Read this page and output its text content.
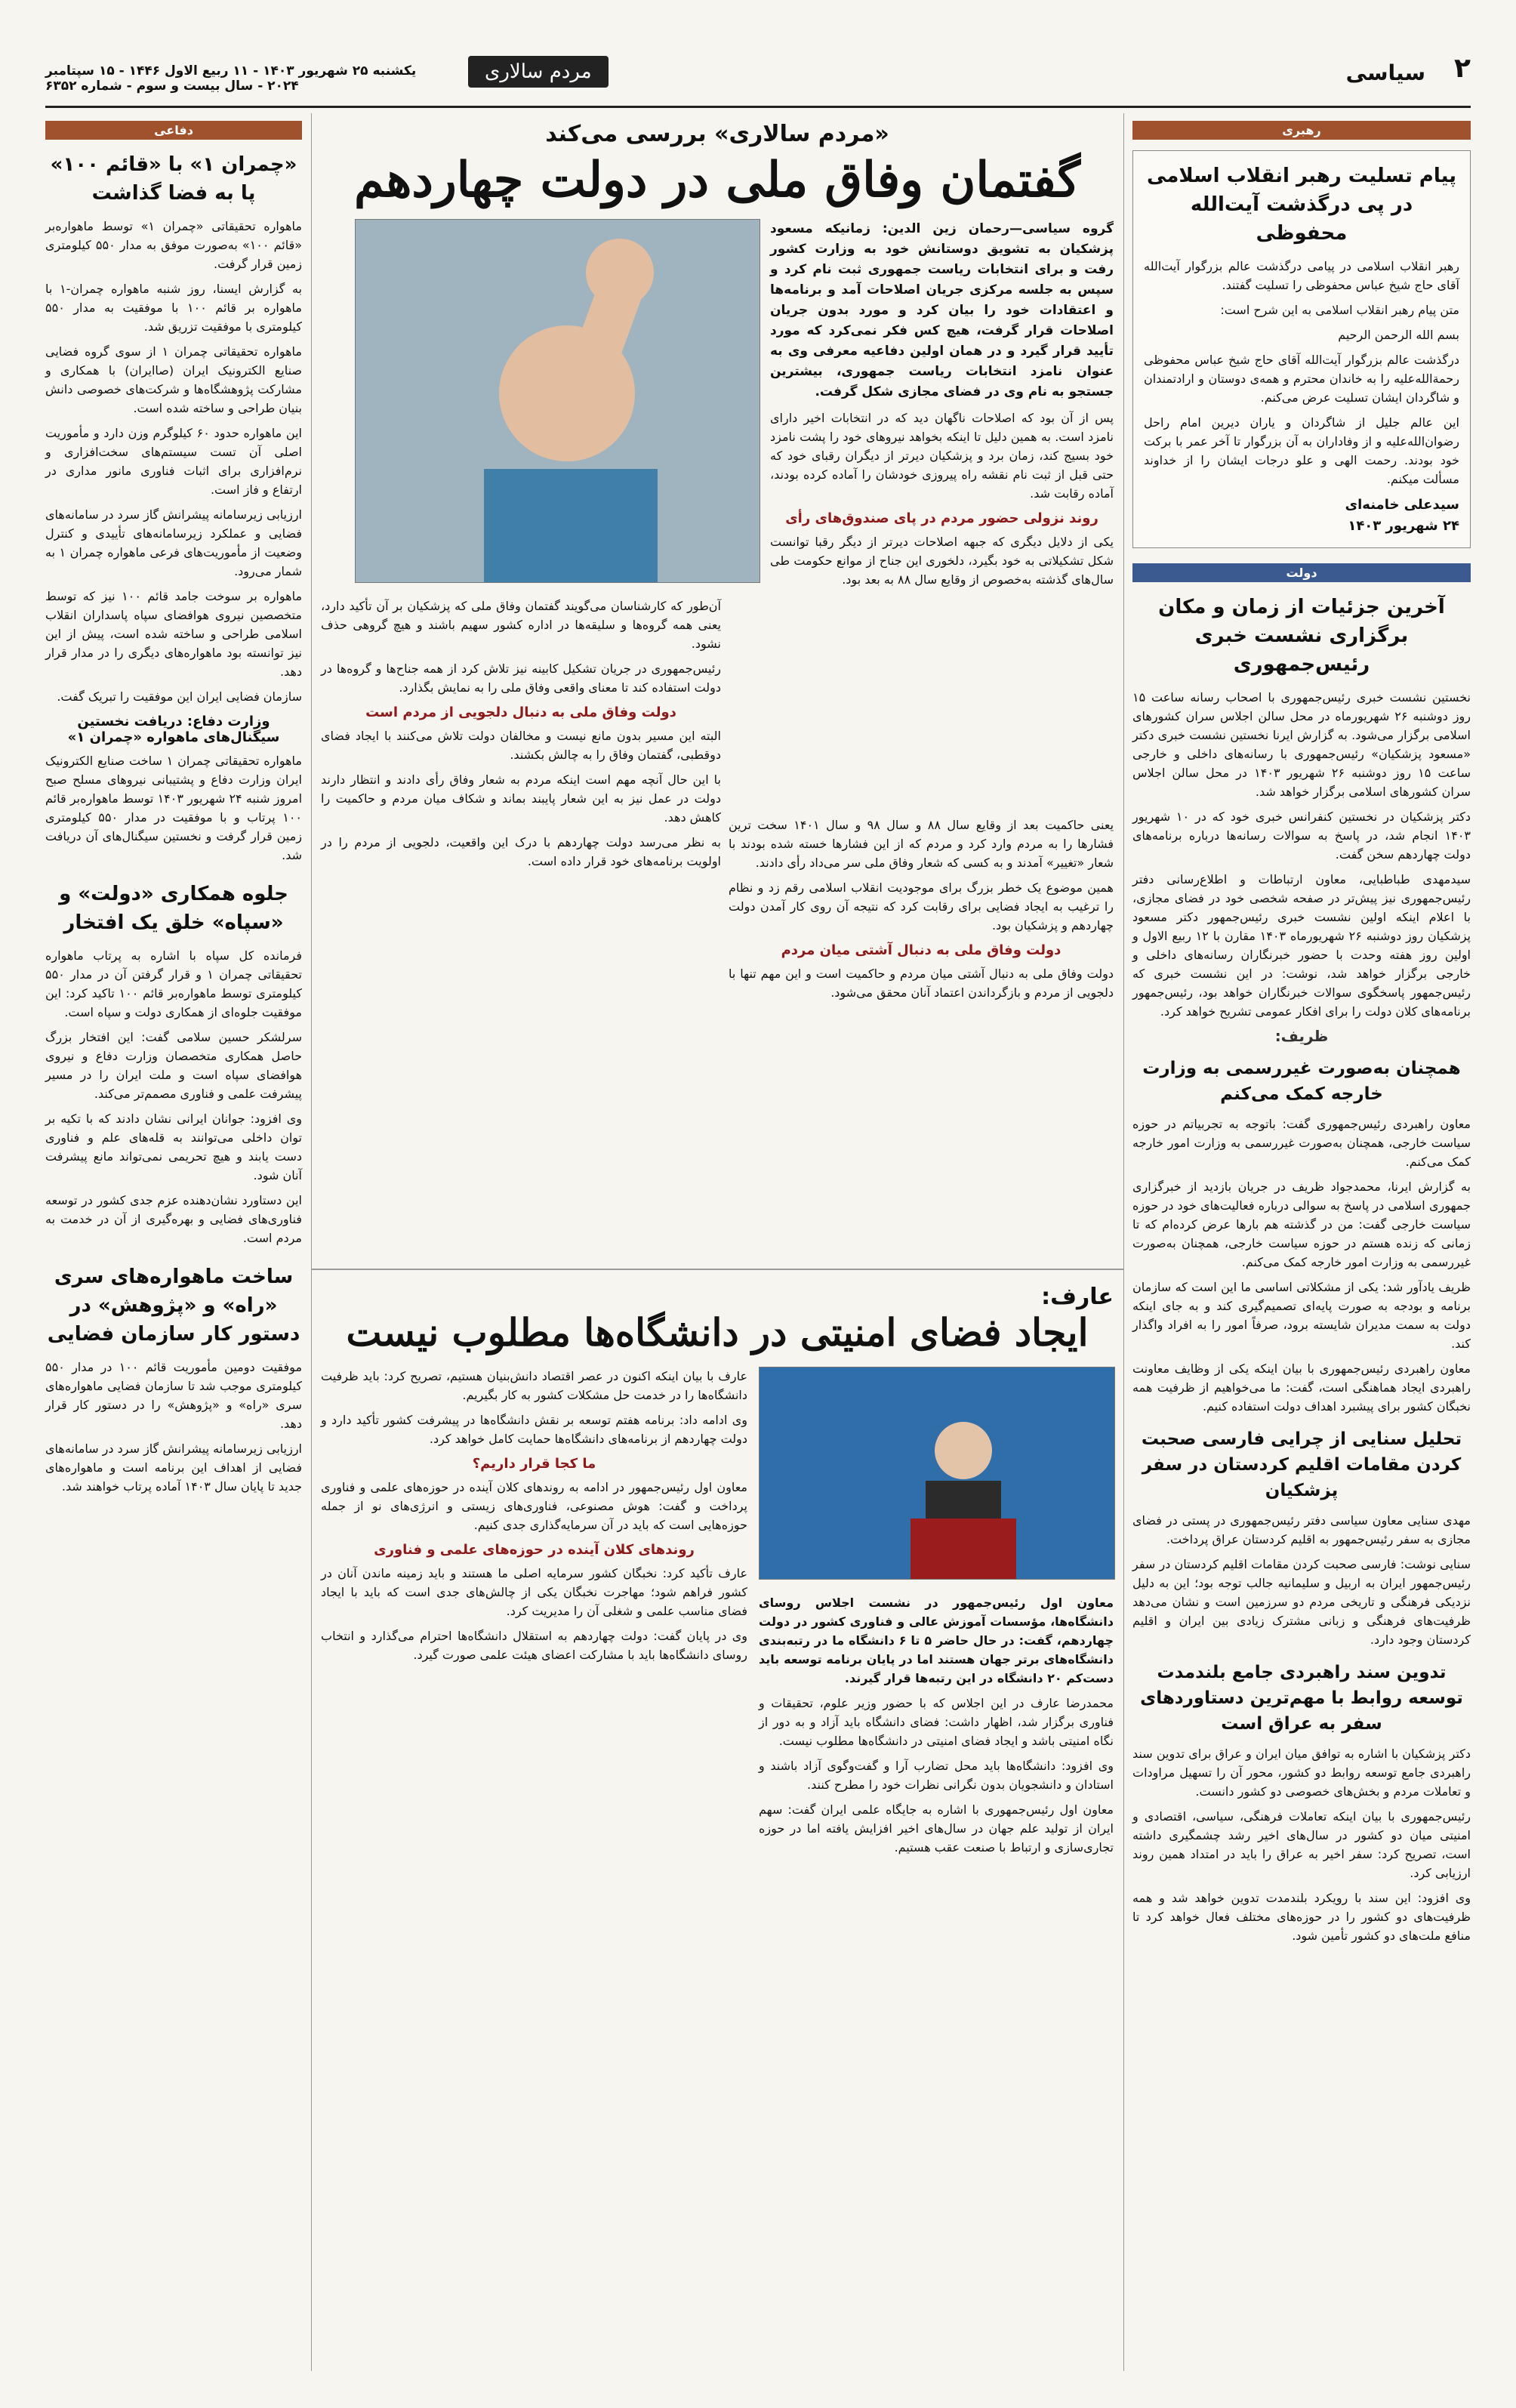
۲
سیاسی
مردم سالاری
یکشنبه ۲۵ شهریور ۱۴۰۳ - ۱۱ ربیع الاول ۱۴۴۶ - ۱۵ سپتامبر ۲۰۲۴ - سال بیست و سوم - شماره ۶۳۵۲
رهبری
پیام تسلیت رهبر انقلاب اسلامی در پی درگذشت آیت‌الله محفوظی

رهبر انقلاب اسلامی در پیامی درگذشت عالم بزرگوار آیت‌الله آقای حاج شیخ عباس محفوظی را تسلیت گفتند.

متن پیام رهبر انقلاب اسلامی به این شرح است:

بسم الله الرحمن الرحیم

درگذشت عالم بزرگوار آیت‌الله آقای حاج شیخ عباس محفوظی رحمةالله‌علیه را به خاندان محترم و همه‌ی دوستان و ارادتمندان و شاگردان ایشان تسلیت عرض می‌کنم.

این عالم جلیل از شاگردان و یاران دیرین امام راحل رضوان‌الله‌علیه و از وفاداران به آن بزرگوار تا آخر عمر با برکت خود بودند. رحمت الهی و علو درجات ایشان را از خداوند مسألت میکنم.

سیدعلی خامنه‌ای
۲۴ شهریور ۱۴۰۳
دولت
آخرین جزئیات از زمان و مکان برگزاری نشست خبری رئیس‌جمهوری

نخستین نشست خبری رئیس‌جمهوری با اصحاب رسانه ساعت ۱۵ روز دوشنبه ۲۶ شهریورماه در محل سالن اجلاس سران کشورهای اسلامی برگزار می‌شود. به گزارش ایرنا نخستین نشست خبری دکتر «مسعود پزشکیان» رئیس‌جمهوری با رسانه‌های داخلی و خارجی ساعت ۱۵ روز دوشنبه ۲۶ شهریور ۱۴۰۳ در محل سالن اجلاس سران کشورهای اسلامی برگزار خواهد شد.

دکتر پزشکیان در نخستین کنفرانس خبری خود که در ۱۰ شهریور ۱۴۰۳ انجام شد، در پاسخ به سوالات رسانه‌ها درباره برنامه‌های دولت چهاردهم سخن گفت.

سیدمهدی طباطبایی، معاون ارتباطات و اطلاع‌رسانی دفتر رئیس‌جمهوری نیز پیش‌تر در صفحه شخصی خود در فضای مجازی، با اعلام اینکه اولین نشست خبری رئیس‌جمهور دکتر مسعود پزشکیان روز دوشنبه ۲۶ شهریورماه ۱۴۰۳ مقارن با ۱۲ ربیع الاول و اولین روز هفته وحدت با حضور خبرنگاران رسانه‌های داخلی و خارجی برگزار خواهد شد، نوشت: در این نشست خبری که رئیس‌جمهور پاسخگوی سوالات خبرنگاران خواهد بود، رئیس‌جمهور برنامه‌های کلان دولت را برای افکار عمومی تشریح خواهد کرد.

ظریف:
همچنان به‌صورت غیررسمی به وزارت خارجه کمک می‌کنم

معاون راهبردی رئیس‌جمهوری گفت: باتوجه به تجربیاتم در حوزه سیاست خارجی، همچنان به‌صورت غیررسمی به وزارت امور خارجه کمک می‌کنم.

به گزارش ایرنا، محمدجواد ظریف در جریان بازدید از خبرگزاری جمهوری اسلامی در پاسخ به سوالی درباره فعالیت‌های خود در حوزه سیاست خارجی گفت: من در گذشته هم بارها عرض کرده‌ام که تا زمانی که زنده هستم در حوزه سیاست خارجی، همچنان به‌صورت غیررسمی به وزارت امور خارجه کمک می‌کنم.

ظریف یادآور شد: یکی از مشکلاتی اساسی ما این است که سازمان برنامه و بودجه به صورت پایه‌ای تصمیم‌گیری کند و به جای اینکه دولت به سمت مدیران شایسته برود، صرفاً امور را به افراد واگذار کند.

معاون راهبردی رئیس‌جمهوری با بیان اینکه یکی از وظایف معاونت راهبردی ایجاد هماهنگی است، گفت: ما می‌خواهیم از ظرفیت همه نخبگان کشور برای پیشبرد اهداف دولت استفاده کنیم.

تحلیل سنایی از چرایی فارسی صحبت کردن مقامات اقلیم کردستان در سفر پزشکیان

مهدی سنایی معاون سیاسی دفتر رئیس‌جمهوری در پستی در فضای مجازی به سفر رئیس‌جمهور به اقلیم کردستان عراق پرداخت.

سنایی نوشت: فارسی صحبت کردن مقامات اقلیم کردستان در سفر رئیس‌جمهور ایران به اربیل و سلیمانیه جالب توجه بود؛ این به دلیل نزدیکی فرهنگی و تاریخی مردم دو سرزمین است و نشان می‌دهد ظرفیت‌های فرهنگی و زبانی مشترک زیادی بین ایران و اقلیم کردستان وجود دارد.

تدوین سند راهبردی جامع بلندمدت توسعه روابط با مهم‌ترین دستاوردهای سفر به عراق است

دکتر پزشکیان با اشاره به توافق میان ایران و عراق برای تدوین سند راهبردی جامع توسعه روابط دو کشور، محور آن را تسهیل مراودات و تعاملات مردم و بخش‌های خصوصی دو کشور دانست.

رئیس‌جمهوری با بیان اینکه تعاملات فرهنگی، سیاسی، اقتصادی و امنیتی میان دو کشور در سال‌های اخیر رشد چشمگیری داشته است، تصریح کرد: سفر اخیر به عراق را باید در امتداد همین روند ارزیابی کرد.

وی افزود: این سند با رویکرد بلندمدت تدوین خواهد شد و همه ظرفیت‌های دو کشور را در حوزه‌های مختلف فعال خواهد کرد تا منافع ملت‌های دو کشور تأمین شود.

«مردم سالاری» بررسی می‌کند
گفتمان وفاق ملی در دولت چهاردهم

گروه سیاسی—رحمان زین الدین: زمانیکه مسعود پزشکیان به تشویق دوستانش خود به وزارت کشور رفت و برای انتخابات ریاست جمهوری ثبت نام کرد و سپس به جلسه مرکزی جریان اصلاحات آمد و برنامه‌ها و اعتقادات خود را بیان کرد و مورد بدون جریان اصلاحات قرار گرفت، هیچ کس فکر نمی‌کرد که مورد تأیید قرار گیرد و در همان اولین دفاعیه معرفی وی به عنوان نامزد انتخابات ریاست جمهوری، بیشترین جستجو به نام وی در فضای مجازی شکل گرفت.

پس از آن بود که اصلاحات ناگهان دید که در انتخابات اخیر دارای نامزد است. به همین دلیل تا اینکه بخواهد نیروهای خود را پشت نامزد خود بسیج کند، زمان برد و پزشکیان دیرتر از دیگران رقبای خود که حتی قبل از ثبت نام نقشه راه پیروزی خودشان را آماده کرده بودند، آماده رقابت شد.

روند نزولی حضور مردم در پای صندوق‌های رأی

یکی از دلایل دیگری که جبهه اصلاحات دیرتر از دیگر رقبا توانست شکل تشکیلاتی به خود بگیرد، دلخوری این جناح از موانع حکومت طی سال‌های گذشته به‌خصوص از وقایع سال ۸۸ به بعد بود.

آن‌طور که کارشناسان می‌گویند گفتمان وفاق ملی که پزشکیان بر آن تأکید دارد، یعنی همه گروه‌ها و سلیقه‌ها در اداره کشور سهیم باشند و هیچ گروهی حذف نشود.

رئیس‌جمهوری در جریان تشکیل کابینه نیز تلاش کرد از همه جناح‌ها و گروه‌ها در دولت استفاده کند تا معنای واقعی وفاق ملی را به نمایش بگذارد.

دولت وفاق ملی به دنبال دلجویی از مردم است

البته این مسیر بدون مانع نیست و مخالفان دولت تلاش می‌کنند با ایجاد فضای دوقطبی، گفتمان وفاق را به چالش بکشند.

با این حال آنچه مهم است اینکه مردم به شعار وفاق رأی دادند و انتظار دارند دولت در عمل نیز به این شعار پایبند بماند و شکاف میان مردم و حاکمیت را کاهش دهد.

به نظر می‌رسد دولت چهاردهم با درک این واقعیت، دلجویی از مردم را در اولویت برنامه‌های خود قرار داده است.

یعنی حاکمیت بعد از وقایع سال ۸۸ و سال ۹۸ و سال ۱۴۰۱ سخت ترین فشارها را به مردم وارد کرد و مردم که از این فشارها خسته شده بودند با شعار «تغییر» آمدند و به کسی که شعار وفاق ملی سر می‌داد رأی دادند.

همین موضوع یک خطر بزرگ برای موجودیت انقلاب اسلامی رقم زد و نظام را ترغیب به ایجاد فضایی برای رقابت کرد که نتیجه آن روی کار آمدن دولت چهاردهم و پزشکیان بود.

دولت وفاق ملی به دنبال آشتی میان مردم

دولت وفاق ملی به دنبال آشتی میان مردم و حاکمیت است و این مهم تنها با دلجویی از مردم و بازگرداندن اعتماد آنان محقق می‌شود.

عارف:
ایجاد فضای امنیتی در دانشگاه‌ها مطلوب نیست

معاون اول رئیس‌جمهور در نشست اجلاس روسای دانشگاه‌ها، مؤسسات آموزش عالی و فناوری کشور در دولت چهاردهم، گفت: در حال حاضر ۵ تا ۶ دانشگاه ما در رتبه‌بندی دانشگاه‌های برتر جهان هستند اما در پایان برنامه توسعه باید دست‌کم ۲۰ دانشگاه در این رتبه‌ها قرار گیرند.

محمدرضا عارف در این اجلاس که با حضور وزیر علوم، تحقیقات و فناوری برگزار شد، اظهار داشت: فضای دانشگاه باید آزاد و به دور از نگاه امنیتی باشد و ایجاد فضای امنیتی در دانشگاه‌ها مطلوب نیست.

وی افزود: دانشگاه‌ها باید محل تضارب آرا و گفت‌وگوی آزاد باشند و استادان و دانشجویان بدون نگرانی نظرات خود را مطرح کنند.

معاون اول رئیس‌جمهوری با اشاره به جایگاه علمی ایران گفت: سهم ایران از تولید علم جهان در سال‌های اخیر افزایش یافته اما در حوزه تجاری‌سازی و ارتباط با صنعت عقب هستیم.

عارف با بیان اینکه اکنون در عصر اقتصاد دانش‌بنیان هستیم، تصریح کرد: باید ظرفیت دانشگاه‌ها را در خدمت حل مشکلات کشور به کار بگیریم.

وی ادامه داد: برنامه هفتم توسعه بر نقش دانشگاه‌ها در پیشرفت کشور تأکید دارد و دولت چهاردهم از برنامه‌های دانشگاه‌ها حمایت کامل خواهد کرد.

ما کجا قرار داریم؟

معاون اول رئیس‌جمهور در ادامه به روندهای کلان آینده در حوزه‌های علمی و فناوری پرداخت و گفت: هوش مصنوعی، فناوری‌های زیستی و انرژی‌های نو از جمله حوزه‌هایی است که باید در آن سرمایه‌گذاری جدی کنیم.

روندهای کلان آینده در حوزه‌های علمی و فناوری

عارف تأکید کرد: نخبگان کشور سرمایه اصلی ما هستند و باید زمینه ماندن آنان در کشور فراهم شود؛ مهاجرت نخبگان یکی از چالش‌های جدی است که باید با ایجاد فضای مناسب علمی و شغلی آن را مدیریت کرد.

وی در پایان گفت: دولت چهاردهم به استقلال دانشگاه‌ها احترام می‌گذارد و انتخاب روسای دانشگاه‌ها باید با مشارکت اعضای هیئت علمی صورت گیرد.

دفاعی
«چمران ۱» با «قائم ۱۰۰» پا به فضا گذاشت

ماهواره تحقیقاتی «چمران ۱» توسط ماهواره‌بر «قائم ۱۰۰» به‌صورت موفق به مدار ۵۵۰ کیلومتری زمین قرار گرفت.

به گزارش ایسنا، روز شنبه ماهواره چمران-۱ با ماهواره بر قائم ۱۰۰ با موفقیت به مدار ۵۵۰ کیلومتری با موفقیت تزریق شد.

ماهواره تحقیقاتی چمران ۱ از سوی گروه فضایی صنایع الکترونیک ایران (صاایران) با همکاری و مشارکت پژوهشگاه‌ها و شرکت‌های خصوصی دانش بنیان طراحی و ساخته شده است.

این ماهواره حدود ۶۰ کیلوگرم وزن دارد و مأموریت اصلی آن تست سیستم‌های سخت‌افزاری و نرم‌افزاری برای اثبات فناوری مانور مداری در ارتفاع و فاز است.

ارزیابی زیرسامانه پیشرانش گاز سرد در سامانه‌های فضایی و عملکرد زیرسامانه‌های تأییدی و کنترل وضعیت از مأموریت‌های فرعی ماهواره چمران ۱ به شمار می‌رود.

ماهواره بر سوخت جامد قائم ۱۰۰ نیز که توسط متخصصین نیروی هوافضای سپاه پاسداران انقلاب اسلامی طراحی و ساخته شده است، پیش از این نیز توانسته بود ماهواره‌های دیگری را در مدار قرار دهد.

سازمان فضایی ایران این موفقیت را تبریک گفت.

وزارت دفاع: دریافت نخستین سیگنال‌های ماهواره «چمران ۱»

ماهواره تحقیقاتی چمران ۱ ساخت صنایع الکترونیک ایران وزارت دفاع و پشتیبانی نیروهای مسلح صبح امروز شنبه ۲۴ شهریور ۱۴۰۳ توسط ماهواره‌بر قائم ۱۰۰ پرتاب و با موفقیت در مدار ۵۵۰ کیلومتری زمین قرار گرفت و نخستین سیگنال‌های آن دریافت شد.

جلوه همکاری «دولت» و «سپاه» خلق یک افتخار

فرمانده کل سپاه با اشاره به پرتاب ماهواره تحقیقاتی چمران ۱ و قرار گرفتن آن در مدار ۵۵۰ کیلومتری توسط ماهواره‌بر قائم ۱۰۰ تاکید کرد: این موفقیت جلوه‌ای از همکاری دولت و سپاه است.

سرلشکر حسین سلامی گفت: این افتخار بزرگ حاصل همکاری متخصصان وزارت دفاع و نیروی هوافضای سپاه است و ملت ایران را در مسیر پیشرفت علمی و فناوری مصمم‌تر می‌کند.

وی افزود: جوانان ایرانی نشان دادند که با تکیه بر توان داخلی می‌توانند به قله‌های علم و فناوری دست یابند و هیچ تحریمی نمی‌تواند مانع پیشرفت آنان شود.

این دستاورد نشان‌دهنده عزم جدی کشور در توسعه فناوری‌های فضایی و بهره‌گیری از آن در خدمت به مردم است.

ساخت ماهواره‌های سری «راه» و «پژوهش» در دستور کار سازمان فضایی

موفقیت دومین مأموریت قائم ۱۰۰ در مدار ۵۵۰ کیلومتری موجب شد تا سازمان فضایی ماهواره‌های سری «راه» و «پژوهش» را در دستور کار قرار دهد.

ارزیابی زیرسامانه پیشرانش گاز سرد در سامانه‌های فضایی از اهداف این برنامه است و ماهواره‌های جدید تا پایان سال ۱۴۰۳ آماده پرتاب خواهند شد.
